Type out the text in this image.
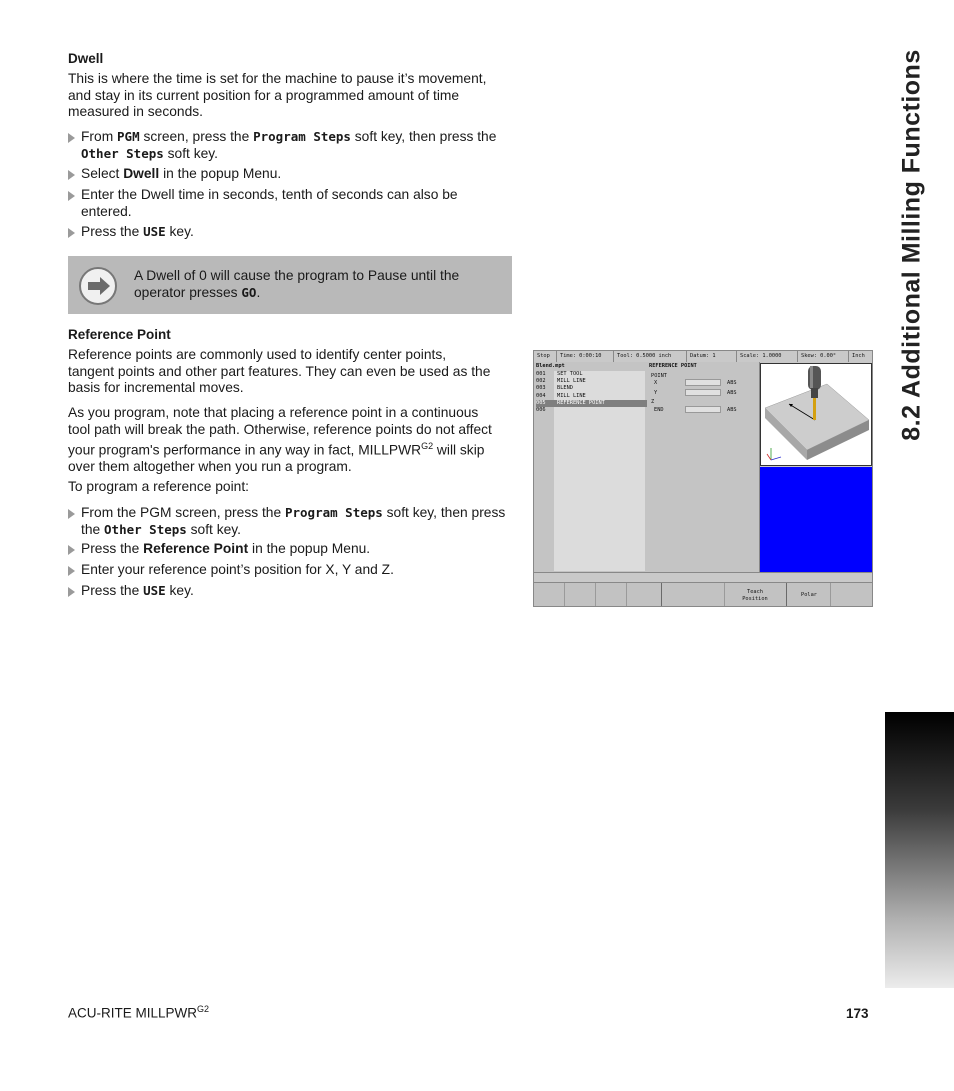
Dwell
This is where the time is set for the machine to pause it’s movement,
and stay in its current position for a programmed amount of time
measured in seconds.
From PGM screen, press the Program Steps soft key, then press the
Other Steps soft key.
Select Dwell in the popup Menu.
Enter the Dwell time in seconds, tenth of seconds can also be
entered.
Press the USE key.
A Dwell of 0 will cause the program to Pause until the
operator presses GO.
Reference Point
Reference points are commonly used to identify center points,
tangent points and other part features. They can even be used as the
basis for incremental moves.
As you program, note that placing a reference point in a continuous
tool path will break the path. Otherwise, reference points do not affect
your program's performance in any way in fact, $MILLPWR^{G2}$ will skip
over them altogether when you run a program.
To program a reference point:
From the PGM screen, press the Program Steps soft key, then press
the Other Steps soft key.
Press the Reference Point in the popup Menu.
Enter your reference point’s position for X, Y and Z.
Press the USE key.
Stop	Time: 0:00:10	Tool: 0.5000 inch	Datum: 1	Scale: 1.0000	Skew: 0.00°	Inch
Blend.mpt
001 SET TOOL
002 MILL LINE
003 BLEND
004 MILL LINE
005 REFERENCE POINT
006
REFERENCE POINT
POINT
X	ABS
Y	ABS
Z
END	ABS
Teach
Position
Polar
8.2 Additional Milling Functions
ACU-RITE $MILLPWR^{G2}$	173
